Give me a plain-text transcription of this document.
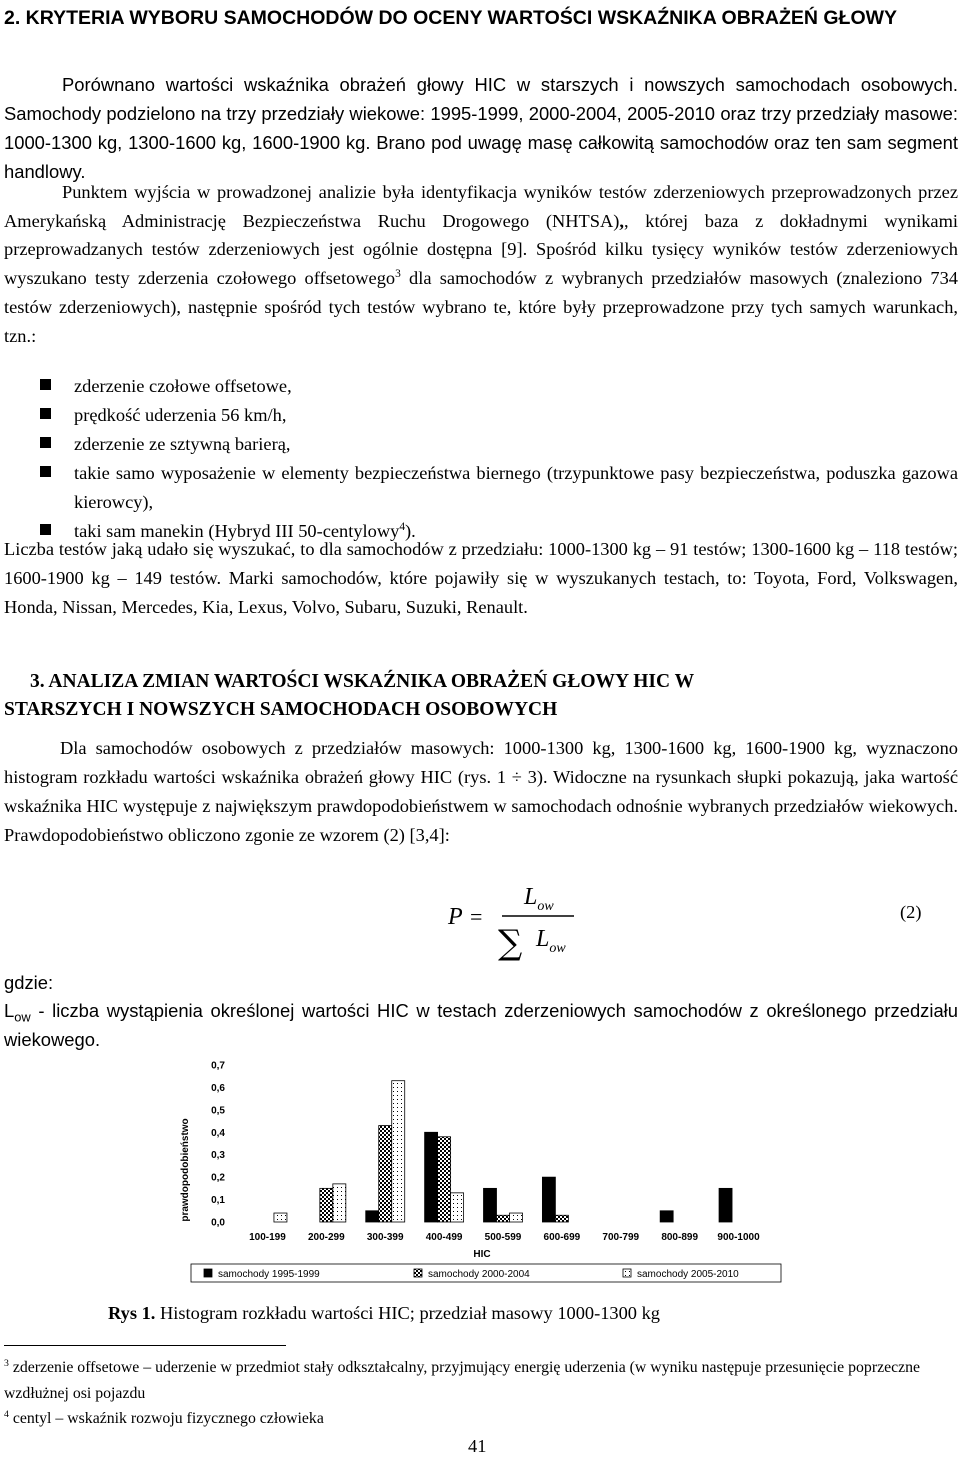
2. KRYTERIA WYBORU SAMOCHODÓW DO OCENY WARTOŚCI WSKAŹNIKA OBRAŻEŃ GŁOWY

Porównano wartości wskaźnika obrażeń głowy HIC w starszych i nowszych samochodach osobowych. Samochody podzielono na trzy przedziały wiekowe: 1995-1999, 2000-2004, 2005-2010 oraz trzy przedziały masowe: 1000-1300 kg, 1300-1600 kg, 1600-1900 kg. Brano pod uwagę masę całkowitą samochodów oraz ten sam segment handlowy.

Punktem wyjścia w prowadzonej analizie była identyfikacja wyników testów zderzeniowych przeprowadzonych przez Amerykańską Administrację Bezpieczeństwa Ruchu Drogowego (NHTSA),, której baza z dokładnymi wynikami przeprowadzanych testów zderzeniowych jest ogólnie dostępna [9]. Spośród kilku tysięcy wyników testów zderzeniowych wyszukano testy zderzenia czołowego offsetowego$^3$ dla samochodów z wybranych przedziałów masowych (znaleziono 734 testów zderzeniowych), następnie spośród tych testów wybrano te, które były przeprowadzone przy tych samych warunkach, tzn.:

zderzenie czołowe offsetowe,
prędkość uderzenia 56 km/h,
zderzenie ze sztywną barierą,
takie samo wyposażenie w elementy bezpieczeństwa biernego (trzypunktowe pasy bezpieczeństwa, poduszka gazowa kierowcy),
taki sam manekin (Hybryd III 50-centylowy$^4$).

Liczba testów jaką udało się wyszukać, to dla samochodów z przedziału: 1000-1300 kg – 91 testów; 1300-1600 kg – 118 testów; 1600-1900 kg – 149 testów. Marki samochodów, które pojawiły się w wyszukanych testach, to: Toyota, Ford, Volkswagen, Honda, Nissan, Mercedes, Kia, Lexus, Volvo, Subaru, Suzuki, Renault.

3. ANALIZA ZMIAN WARTOŚCI WSKAŹNIKA OBRAŻEŃ GŁOWY HIC W
STARSZYCH I NOWSZYCH SAMOCHODACH OSOBOWYCH

Dla samochodów osobowych z przedziałów masowych: 1000-1300 kg, 1300-1600 kg, 1600-1900 kg, wyznaczono histogram rozkładu wartości wskaźnika obrażeń głowy HIC (rys. 1 ÷ 3). Widoczne na rysunkach słupki pokazują, jaka wartość wskaźnika HIC występuje z największym prawdopodobieństwem w samochodach odnośnie wybranych przedziałów wiekowych. Prawdopodobieństwo obliczono zgonie ze wzorem (2) [3,4]:

P =
$L_{ow}$
∑ $L_{ow}$
(2)
gdzie:

$L_{ow}$ - liczba wystąpienia określonej wartości HIC w testach zderzeniowych samochodów z określonego przedziału wiekowego.

prawdopodobieństwo
0,0
0,1
0,2
0,3
0,4
0,5
0,6
0,7
100-199 200-299 300-399 400-499 500-599 600-699 700-799 800-899 900-1000
HIC
samochody 1995-1999	samochody 2000-2004	samochody 2005-2010
Rys 1. Histogram rozkładu wartości HIC; przedział masowy 1000-1300 kg

$^3$ zderzenie offsetowe – uderzenie w przedmiot stały odkształcalny, przyjmujący energię uderzenia (w wyniku następuje przesunięcie poprzeczne wzdłużnej osi pojazdu

$^4$ centyl – wskaźnik rozwoju fizycznego człowieka

41
